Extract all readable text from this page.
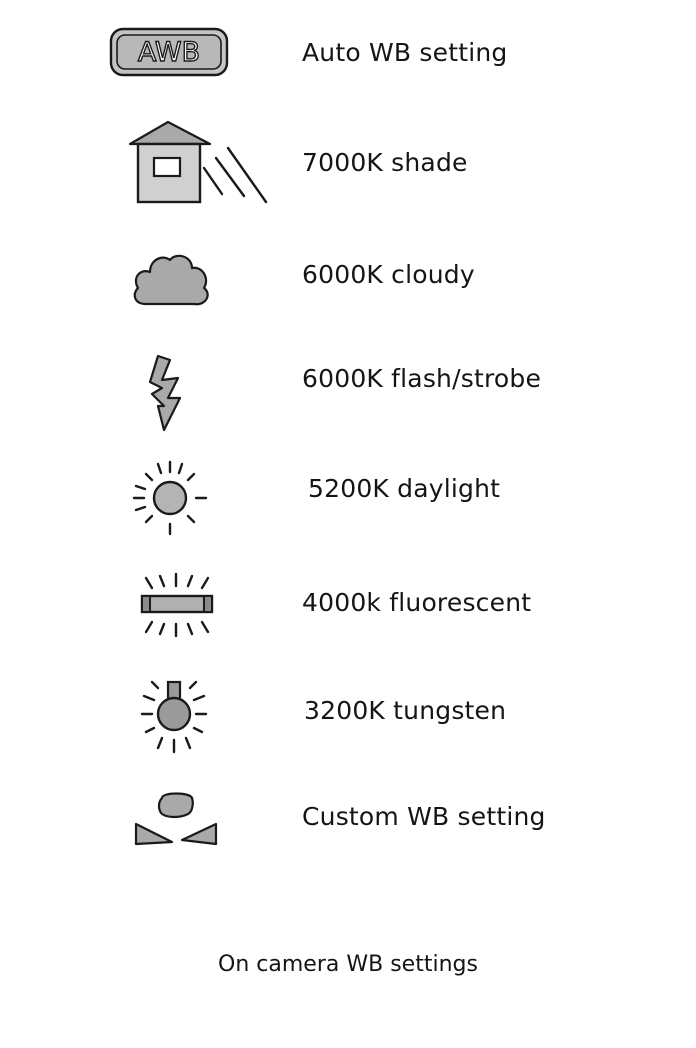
AWB	Auto WB setting
7000K shade
6000K cloudy
6000K flash/strobe
5200K daylight
4000k fluorescent
3200K tungsten
Custom WB setting
On camera WB settings
